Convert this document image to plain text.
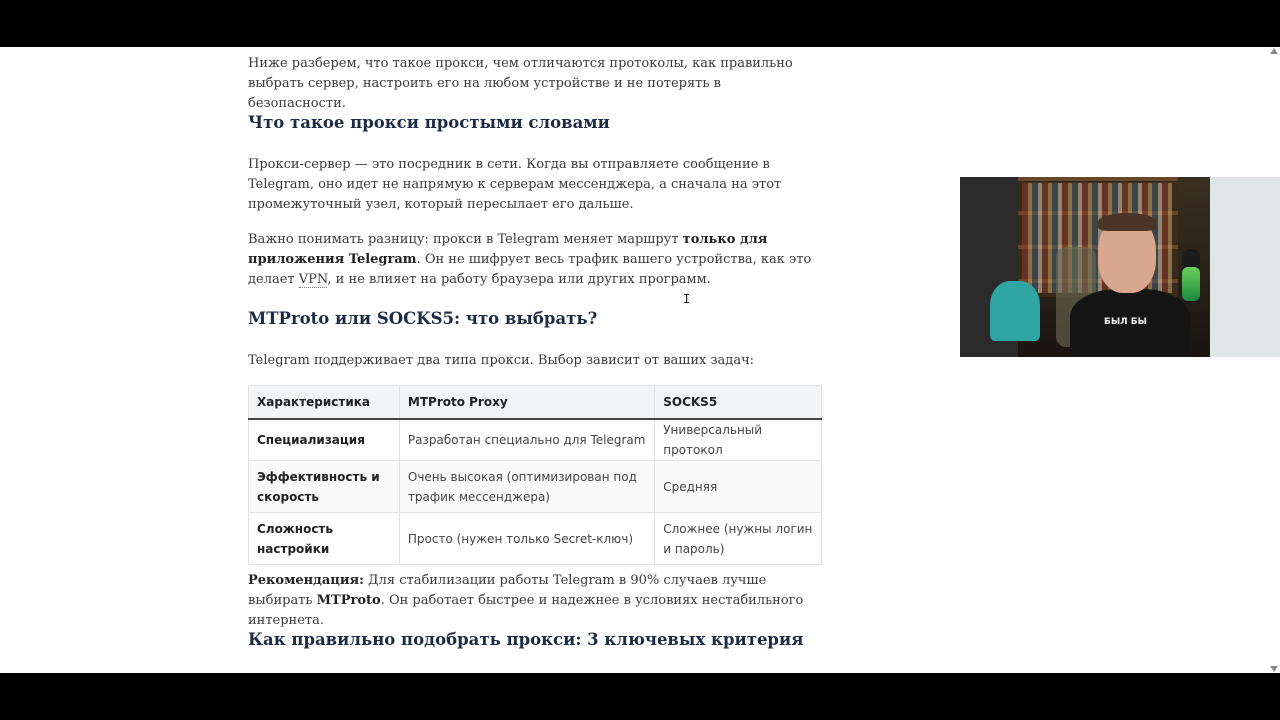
Ниже разберем, что такое прокси, чем отличаются протоколы, как правильно выбрать сервер, настроить его на любом устройстве и не потерять в безопасности.

Что такое прокси простыми словами

Прокси-сервер — это посредник в сети. Когда вы отправляете сообщение в Telegram, оно идет не напрямую к серверам мессенджера, а сначала на этот промежуточный узел, который пересылает его дальше.

Важно понимать разницу: прокси в Telegram меняет маршрут только для приложения Telegram. Он не шифрует весь трафик вашего устройства, как это делает VPN, и не влияет на работу браузера или других программ.

MTProto или SOCKS5: что выбрать?

Telegram поддерживает два типа прокси. Выбор зависит от ваших задач:

Характеристика	MTProto Proxy	SOCKS5
Специализация	Разработан специально для Telegram	Универсальный протокол
Эффективность и скорость	Очень высокая (оптимизирован под трафик мессенджера)	Средняя
Сложность настройки	Просто (нужен только Secret-ключ)	Сложнее (нужны логин и пароль)

Рекомендация: Для стабилизации работы Telegram в 90% случаев лучше выбирать MTProto. Он работает быстрее и надежнее в условиях нестабильного интернета.

Как правильно подобрать прокси: 3 ключевых критерия
I
БЫЛ БЫ
